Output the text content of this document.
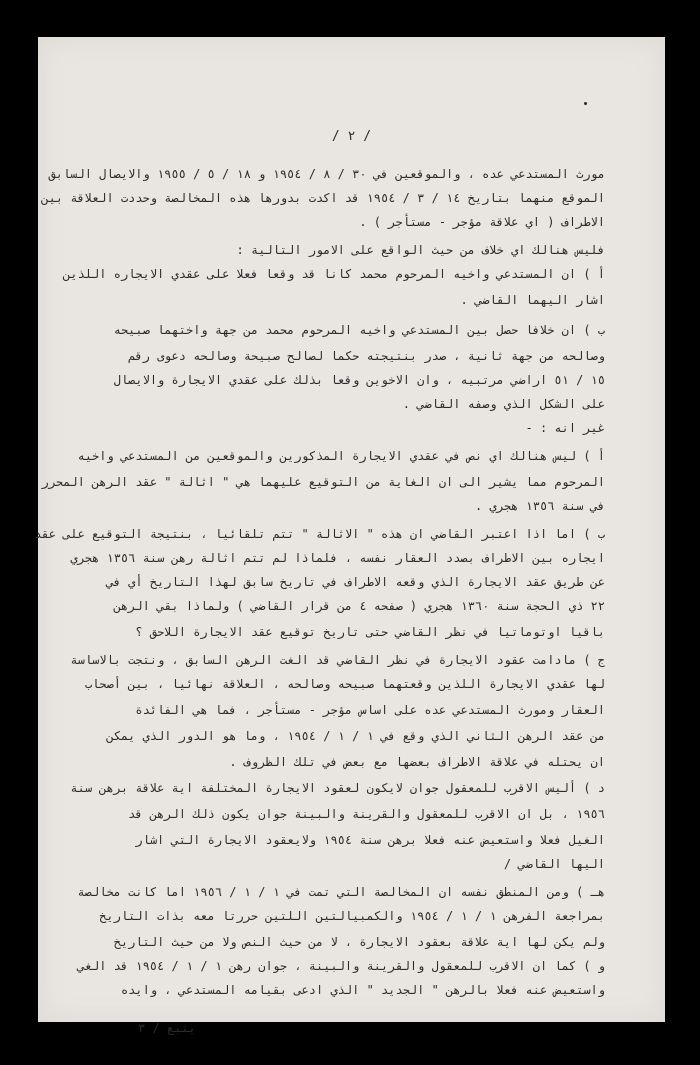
/ ٢ /
مورث المستدعي عده ، والموقعين في ٣٠ / ٨ / ١٩٥٤ و ١٨ / ٥ / ١٩٥٥ والايصال السابق
الموقع منهما بتاريخ ١٤ / ٣ / ١٩٥٤ قد اكدت بدورها هذه المخالصة وحددت العلاقة بين
الاطراف ( اي علاقة مؤجر - مستأجر ) .
فليس هنالك اي خلاف من حيث الواقع على الامور التالية :
أ ) ان المستدعي واخيه المرحوم محمد كانا قد وقعا فعلا على عقدي الايجاره اللذين
اشار اليهما القاضي .
ب ) ان خلافا حصل بين المستدعي واخيه المرحوم محمد من جهة واختهما صبيحه
وصالحه من جهة ثانية ، صدر بنتيجته حكما لصالح صبيحة وصالحه دعوى رقم
١٥ / ٥١ اراضي مرتبيه ، وان الاخوين وقعا بذلك على عقدي الايجارة والايصال
على الشكل الذي وصفه القاضي .
غير انه : -
أ ) ليس هنالك اي نص في عقدي الايجارة المذكورين والموقعين من المستدعي واخيه
المرحوم مما يشير الى ان الغاية من التوقيع عليهما هي " اثالة " عقد الرهن المحرر
في سنة ١٣٥٦ هجري .
ب ) اما اذا اعتبر القاضي ان هذه " الاثالة " تتم تلقائيا ، بنتيجة التوقيع على عقد
ايجاره بين الاطراف بصدد العقار نفسه ، فلماذا لم تتم اثالة رهن سنة ١٣٥٦ هجري
عن طريق عقد الايجارة الذي وقعه الاطراف في تاريخ سابق لهذا التاريخ أي في
٢٢ ذي الحجة سنة ١٣٦٠ هجري ( صفحه ٤ من قرار القاضي ) ولماذا بقي الرهن
باقيا اوتوماتيا في نظر القاضي حتى تاريخ توقيع عقد الايجارة اللاحق ؟
ج ) مادامت عقود الايجارة في نظر القاضي قد الغت الرهن السابق ، ونتجت بالاساسة
لها عقدي الايجارة اللذين وقعتهما صبيحه وصالحه ، العلاقة نهائيا ، بين أصحاب
العقار ومورث المستدعي عده على اساس مؤجر - مستأجر ، فما هي الفائدة
من عقد الرهن الثاني الذي وقع في ١ / ١ / ١٩٥٤ ، وما هو الدور الذي يمكن
ان يحتله في علاقة الاطراف بعضها مع بعض في تلك الظروف .
د ) أليس الاقرب للمعقول جوان لايكون لعقود الايجارة المختلفة اية علاقة برهن سنة
١٩٥٦ ، بل ان الاقرب للمعقول والقرينة والبينة جوان يكون ذلك الرهن قد
الغيل فعلا واستعيض عنه فعلا برهن سنة ١٩٥٤ ولايعقود الايجارة التي اشار
اليها القاضي /
هـ ) ومن المنطق نفسه ان المخالصة التي تمت في ١ / ١ / ١٩٥٦ اما كانت مخالصة
بمراجعة الفرهن ١ / ١ / ١٩٥٤ والكمبيالتين اللتين حررتا معه بذات التاريخ
ولم يكن لها اية علاقة بعقود الايجارة ، لا من حيث النص ولا من حيث التاريخ
و ) كما ان الاقرب للمعقول والقرينة والبينة ، جوان رهن ١ / ١ / ١٩٥٤ قد الغي
واستعيض عنه فعلا بالرهن " الجديد " الذي ادعى بقيامه المستدعي ، وايده
يتبع / ٣
